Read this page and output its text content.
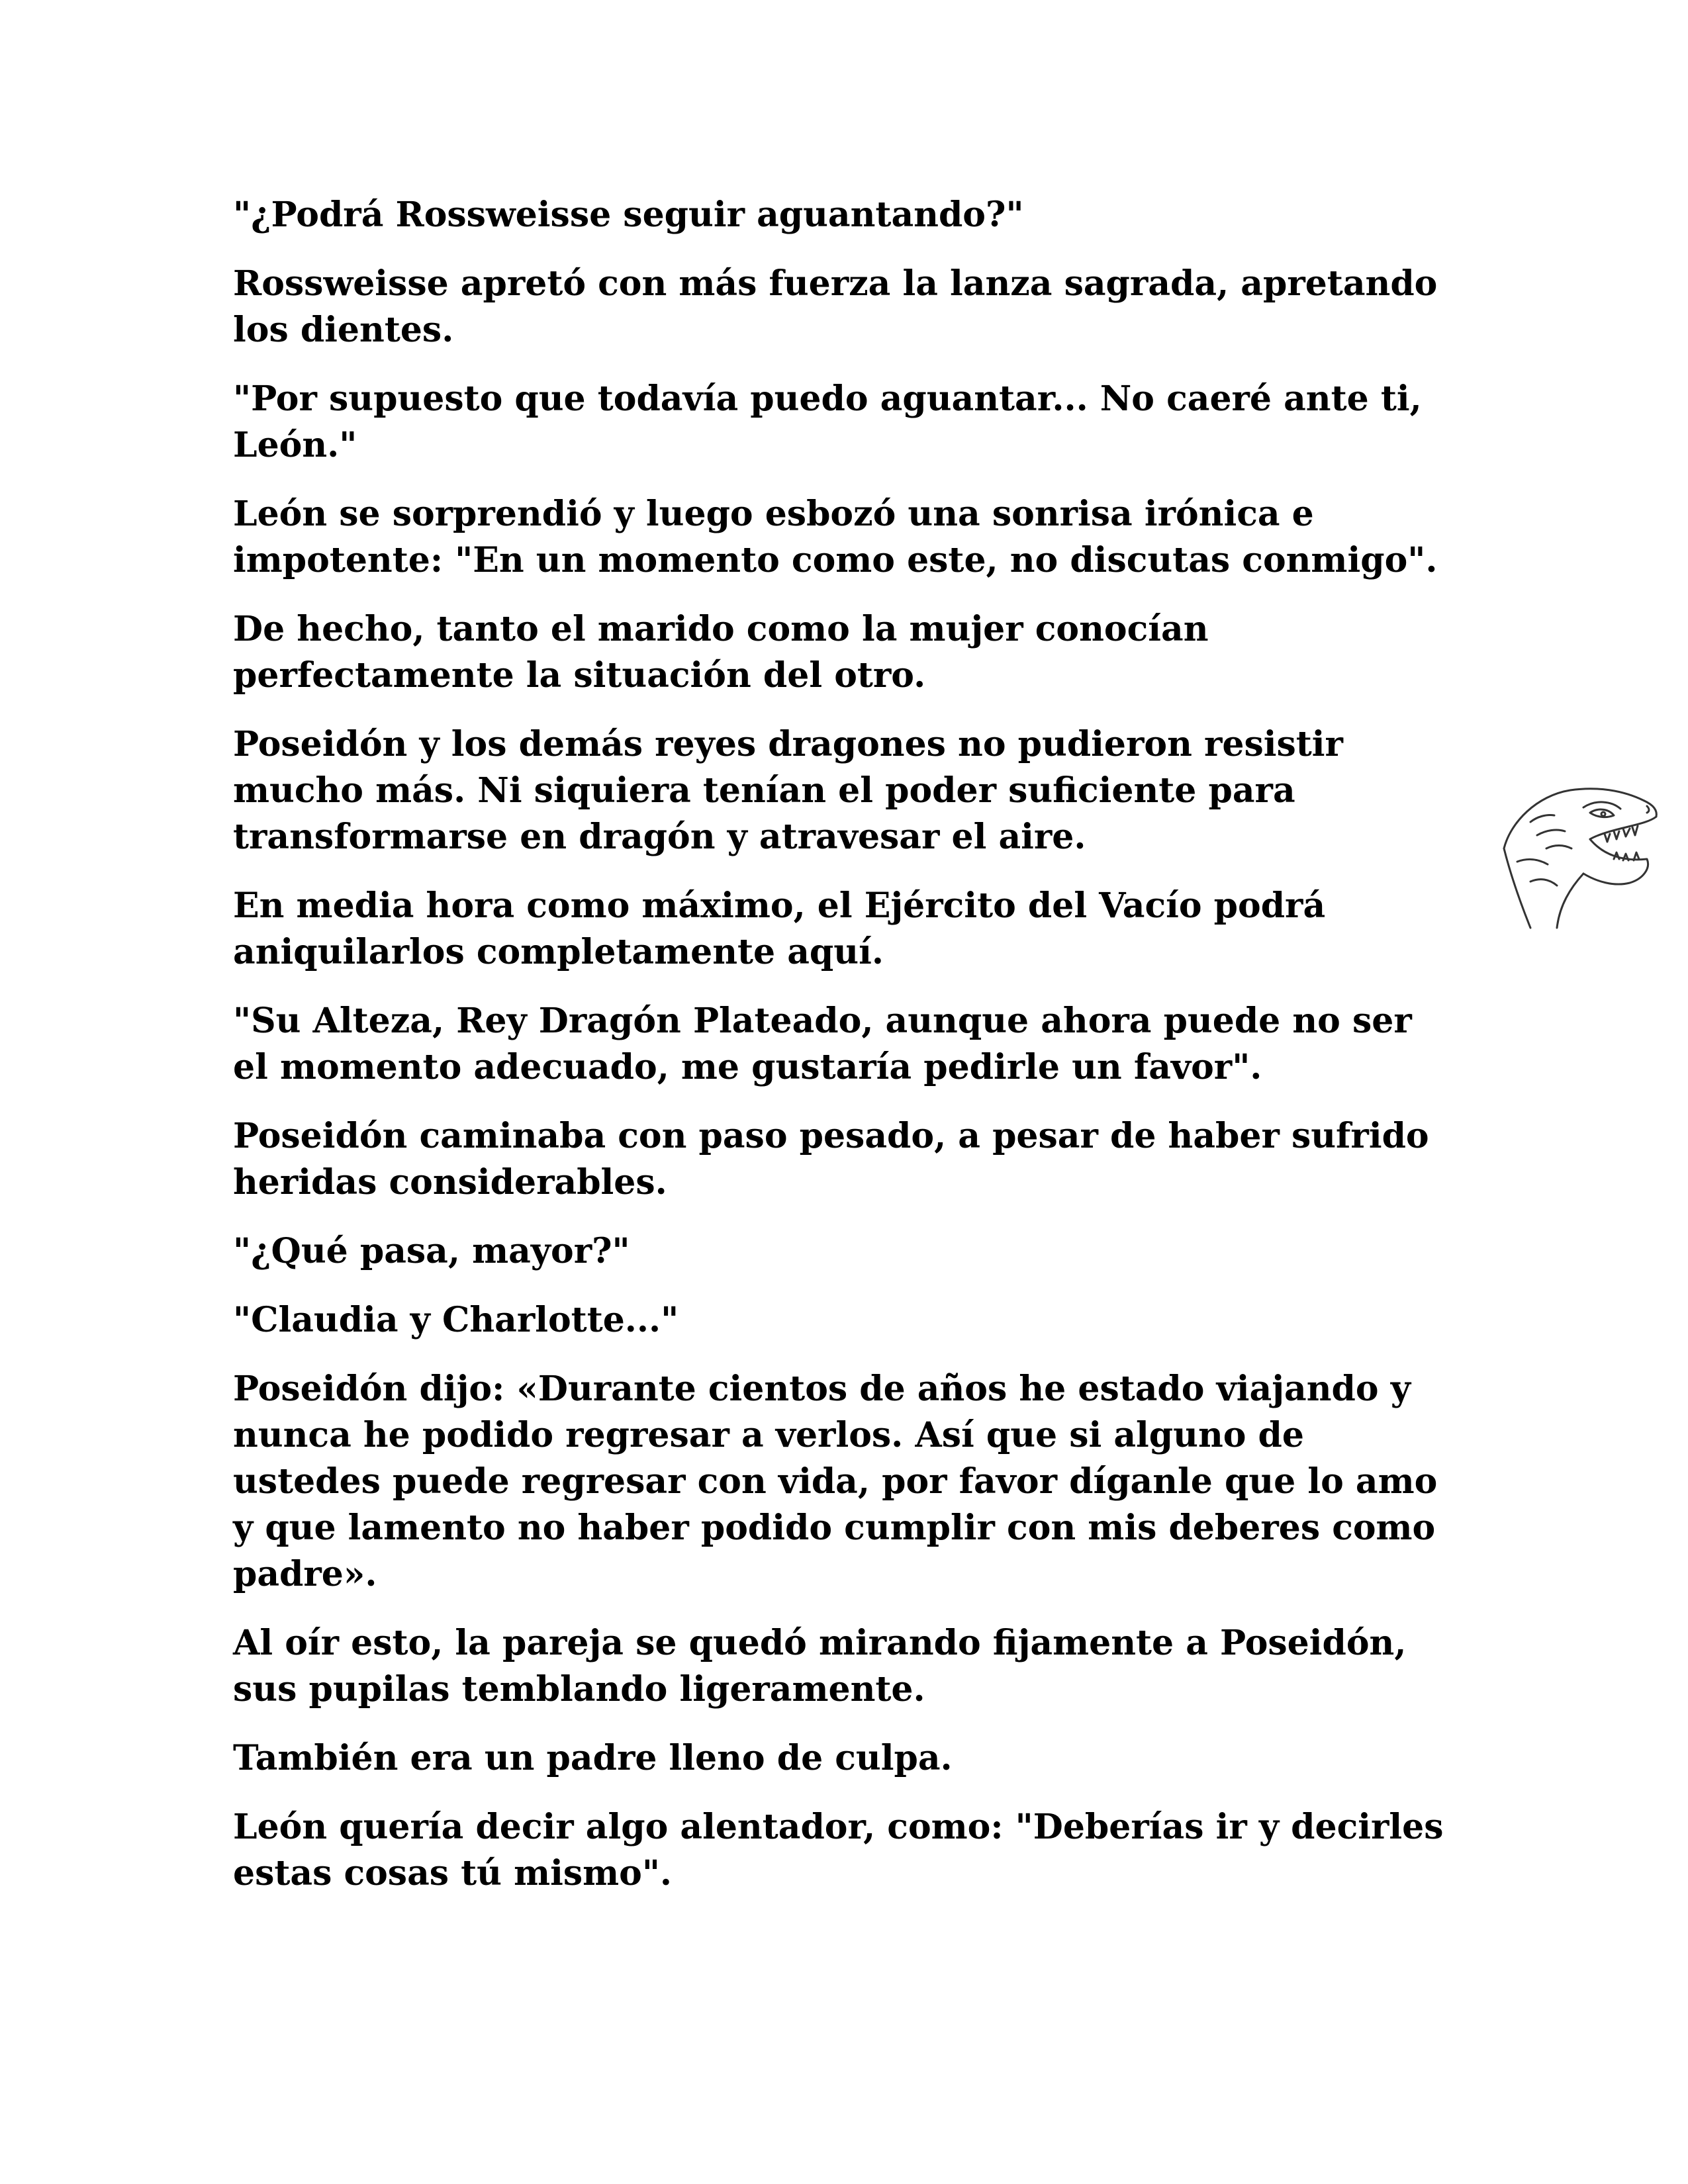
"¿Podrá Rossweisse seguir aguantando?"

Rossweisse apretó con más fuerza la lanza sagrada, apretando los dientes.

"Por supuesto que todavía puedo aguantar... No caeré ante ti, León."

León se sorprendió y luego esbozó una sonrisa irónica e impotente: "En un momento como este, no discutas conmigo".

De hecho, tanto el marido como la mujer conocían perfectamente la situación del otro.

Poseidón y los demás reyes dragones no pudieron resistir mucho más. Ni siquiera tenían el poder suficiente para transformarse en dragón y atravesar el aire.

En media hora como máximo, el Ejército del Vacío podrá aniquilarlos completamente aquí.

"Su Alteza, Rey Dragón Plateado, aunque ahora puede no ser el momento adecuado, me gustaría pedirle un favor".

Poseidón caminaba con paso pesado, a pesar de haber sufrido heridas considerables.

"¿Qué pasa, mayor?"

"Claudia y Charlotte..."

Poseidón dijo: «Durante cientos de años he estado viajando y nunca he podido regresar a verlos. Así que si alguno de ustedes puede regresar con vida, por favor díganle que lo amo y que lamento no haber podido cumplir con mis deberes como padre».

Al oír esto, la pareja se quedó mirando fijamente a Poseidón, sus pupilas temblando ligeramente.

También era un padre lleno de culpa.

León quería decir algo alentador, como: "Deberías ir y decirles estas cosas tú mismo".
